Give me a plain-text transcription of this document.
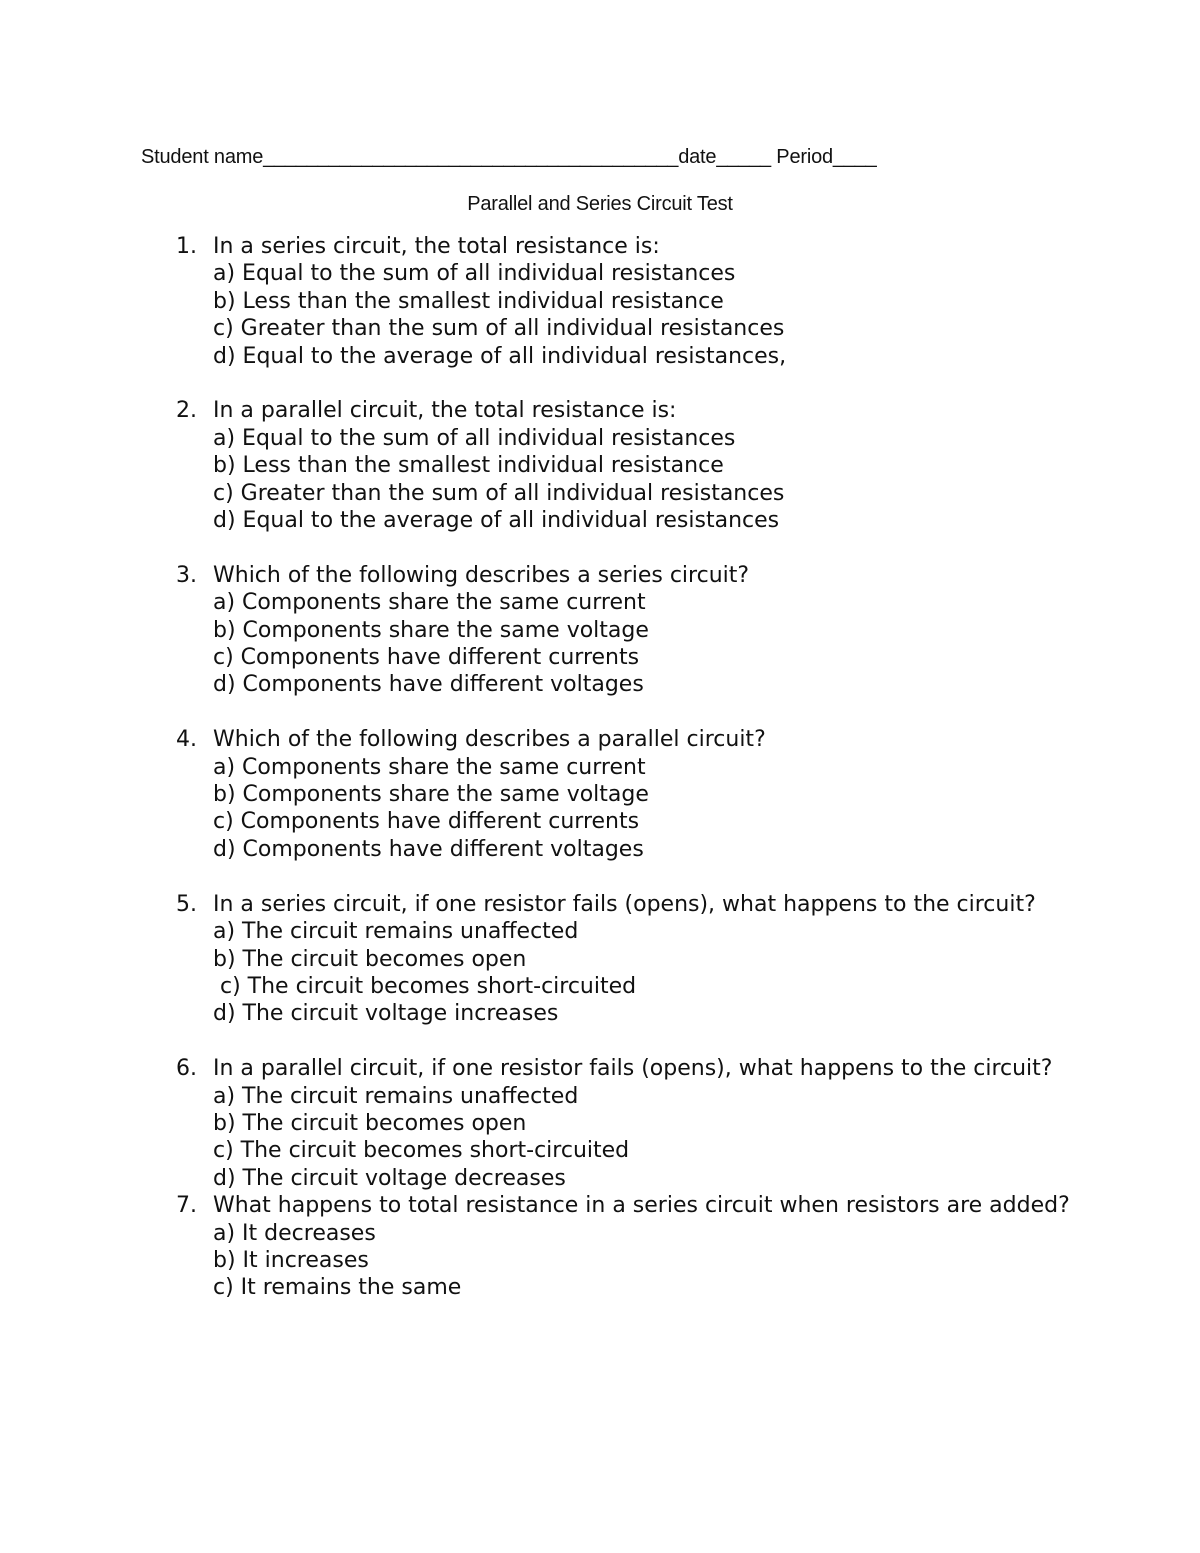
Student name______________________________________date_____ Period____
Parallel and Series Circuit Test
1. In a series circuit, the total resistance is:
a) Equal to the sum of all individual resistances
b) Less than the smallest individual resistance
c) Greater than the sum of all individual resistances
d) Equal to the average of all individual resistances,
2. In a parallel circuit, the total resistance is:
a) Equal to the sum of all individual resistances
b) Less than the smallest individual resistance
c) Greater than the sum of all individual resistances
d) Equal to the average of all individual resistances
3. Which of the following describes a series circuit?
a) Components share the same current
b) Components share the same voltage
c) Components have different currents
d) Components have different voltages
4. Which of the following describes a parallel circuit?
a) Components share the same current
b) Components share the same voltage
c) Components have different currents
d) Components have different voltages
5. In a series circuit, if one resistor fails (opens), what happens to the circuit?
a) The circuit remains unaffected
b) The circuit becomes open
c) The circuit becomes short-circuited
d) The circuit voltage increases
6. In a parallel circuit, if one resistor fails (opens), what happens to the circuit?
a) The circuit remains unaffected
b) The circuit becomes open
c) The circuit becomes short-circuited
d) The circuit voltage decreases
7. What happens to total resistance in a series circuit when resistors are added?
a) It decreases
b) It increases
c) It remains the same
